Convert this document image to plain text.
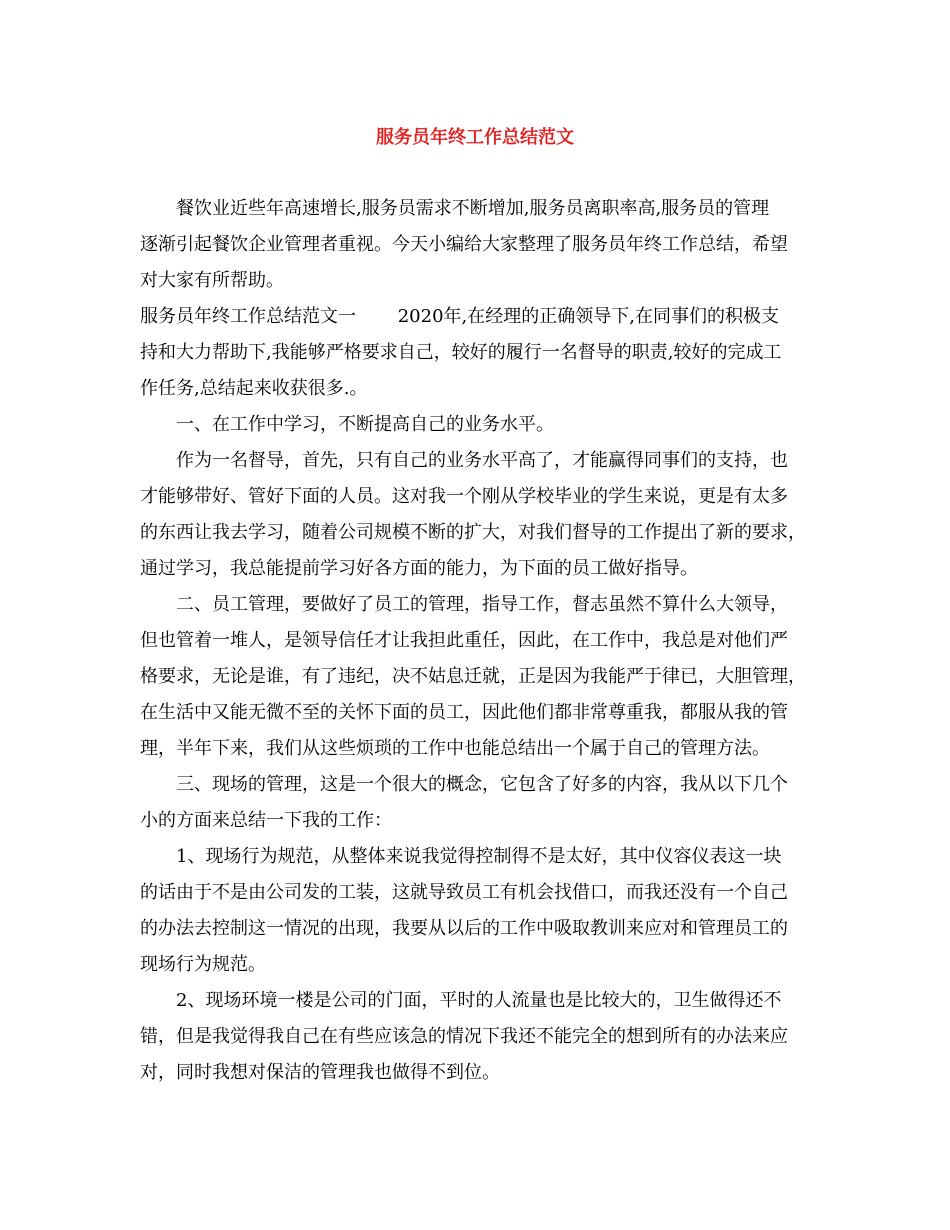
服务员年终工作总结范文
餐饮业近些年高速增长,服务员需求不断增加,服务员离职率高,服务员的管理
逐渐引起餐饮企业管理者重视。今天小编给大家整理了服务员年终工作总结，希望
对大家有所帮助。
服务员年终工作总结范文一　　 2020年,在经理的正确领导下,在同事们的积极支
持和大力帮助下,我能够严格要求自己，较好的履行一名督导的职责,较好的完成工
作任务,总结起来收获很多.。
一、在工作中学习，不断提高自己的业务水平。
作为一名督导，首先，只有自己的业务水平高了，才能赢得同事们的支持，也
才能够带好、管好下面的人员。这对我一个刚从学校毕业的学生来说，更是有太多
的东西让我去学习，随着公司规模不断的扩大，对我们督导的工作提出了新的要求，
通过学习，我总能提前学习好各方面的能力，为下面的员工做好指导。
二、员工管理，要做好了员工的管理，指导工作，督志虽然不算什么大领导，
但也管着一堆人，是领导信任才让我担此重任，因此，在工作中，我总是对他们严
格要求，无论是谁，有了违纪，决不姑息迁就，正是因为我能严于律已，大胆管理，
在生活中又能无微不至的关怀下面的员工，因此他们都非常尊重我，都服从我的管
理，半年下来，我们从这些烦琐的工作中也能总结出一个属于自己的管理方法。
三、现场的管理，这是一个很大的概念，它包含了好多的内容，我从以下几个
小的方面来总结一下我的工作：
1、现场行为规范，从整体来说我觉得控制得不是太好，其中仪容仪表这一块
的话由于不是由公司发的工装，这就导致员工有机会找借口，而我还没有一个自己
的办法去控制这一情况的出现，我要从以后的工作中吸取教训来应对和管理员工的
现场行为规范。
2、现场环境一楼是公司的门面，平时的人流量也是比较大的，卫生做得还不
错，但是我觉得我自己在有些应该急的情况下我还不能完全的想到所有的办法来应
对，同时我想对保洁的管理我也做得不到位。
